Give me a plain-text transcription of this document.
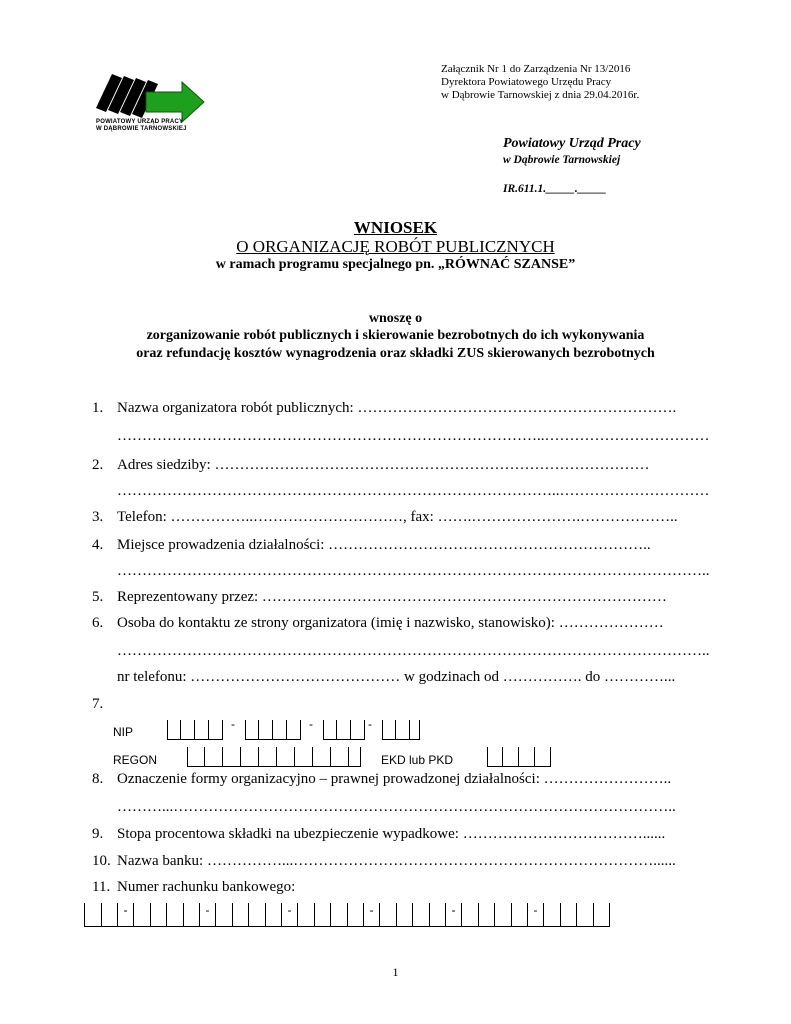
POWIATOWY URZĄD PRACY
W DĄBROWIE TARNOWSKIEJ
Załącznik Nr 1 do Zarządzenia Nr 13/2016
Dyrektora Powiatowego Urzędu Pracy
w Dąbrowie Tarnowskiej z dnia 29.04.2016r.
Powiatowy Urząd Pracy
w Dąbrowie Tarnowskiej
IR.611.1._____._____
WNIOSEK
O ORGANIZACJĘ ROBÓT PUBLICZNYCH
w ramach programu specjalnego pn. „RÓWNAĆ SZANSE”
wnoszę o
zorganizowanie robót publicznych i skierowanie bezrobotnych do ich wykonywania
oraz refundację kosztów wynagrodzenia oraz składki ZUS skierowanych bezrobotnych
1. Nazwa organizatora robót publicznych: ……………………………………………………….
…………………………………………………………………………..……………………………
2. Adres siedziby: ……………………………………………………………………………
……………………………………………………………………………..…………………………
3. Telefon: ……………..…………………………, fax: …….………………….………………..
4. Miejsce prowadzenia działalności: ………………………………………………………..
………………………………………………………………………………………………………..
5. Reprezentowany przez: ………………………………………………………………………
6. Osoba do kontaktu ze strony organizatora (imię i nazwisko, stanowisko): …………………
………………………………………………………………………………………………………..
nr telefonu: …………………………………… w godzinach od ……………. do …………...
7.
NIP
-	-	-
REGON	EKD lub PKD
8. Oznaczenie formy organizacyjno – prawnej prowadzonej działalności: ……………………..
………...………………………………………………………………………………………..
9. Stopa procentowa składki na ubezpieczenie wypadkowe: ………………………………......
10. Nazwa banku: ……………...………………………………………………………………......
11. Numer rachunku bankowego:
-	-	-	-	-	-
1
